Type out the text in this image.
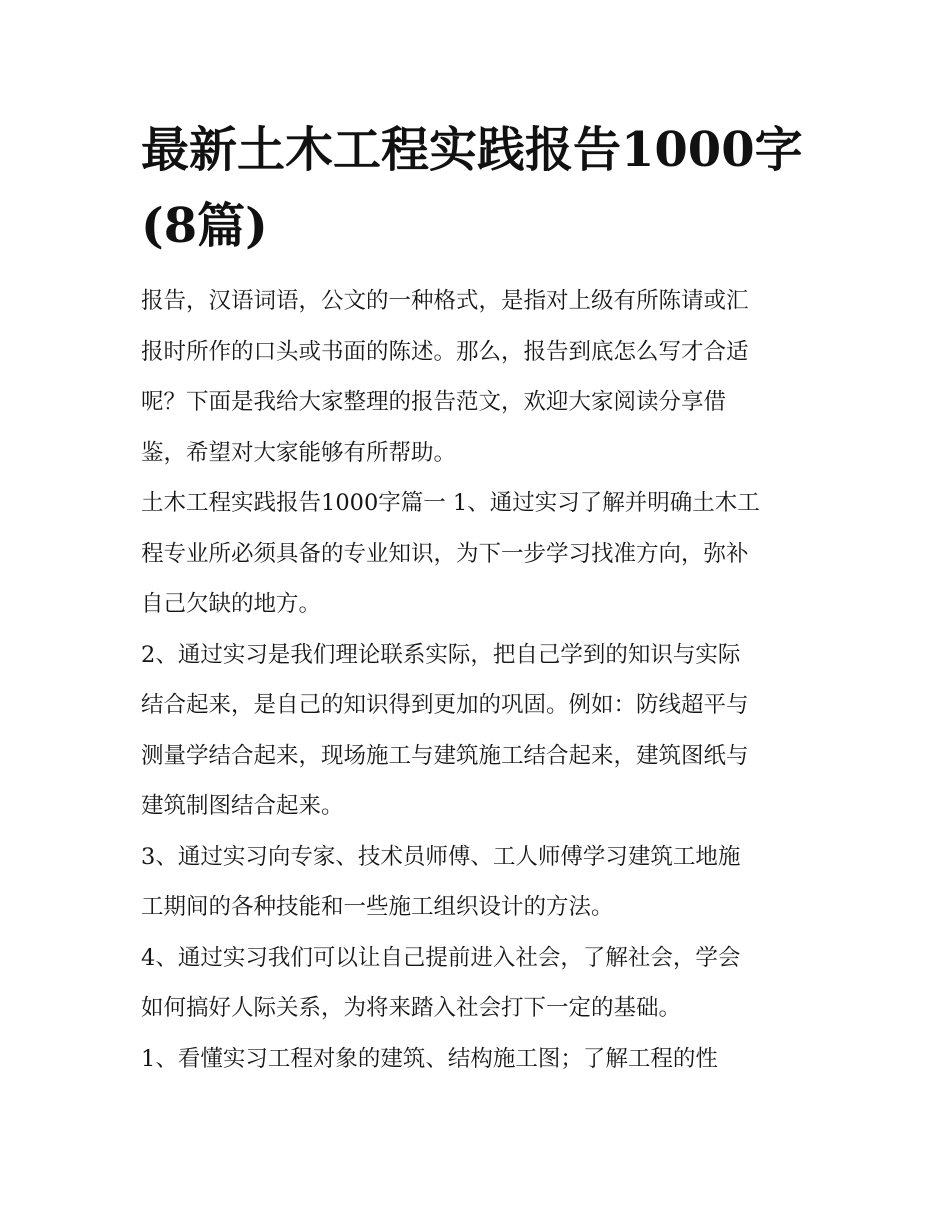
最新土木工程实践报告1000字
(8篇)
报告，汉语词语，公文的一种格式，是指对上级有所陈请或汇
报时所作的口头或书面的陈述。那么，报告到底怎么写才合适
呢？下面是我给大家整理的报告范文，欢迎大家阅读分享借
鉴，希望对大家能够有所帮助。
土木工程实践报告1000字篇一 1、通过实习了解并明确土木工
程专业所必须具备的专业知识，为下一步学习找准方向，弥补
自己欠缺的地方。
2、通过实习是我们理论联系实际，把自己学到的知识与实际
结合起来，是自己的知识得到更加的巩固。例如：防线超平与
测量学结合起来，现场施工与建筑施工结合起来，建筑图纸与
建筑制图结合起来。
3、通过实习向专家、技术员师傅、工人师傅学习建筑工地施
工期间的各种技能和一些施工组织设计的方法。
4、通过实习我们可以让自己提前进入社会，了解社会，学会
如何搞好人际关系，为将来踏入社会打下一定的基础。
1、看懂实习工程对象的建筑、结构施工图；了解工程的性
